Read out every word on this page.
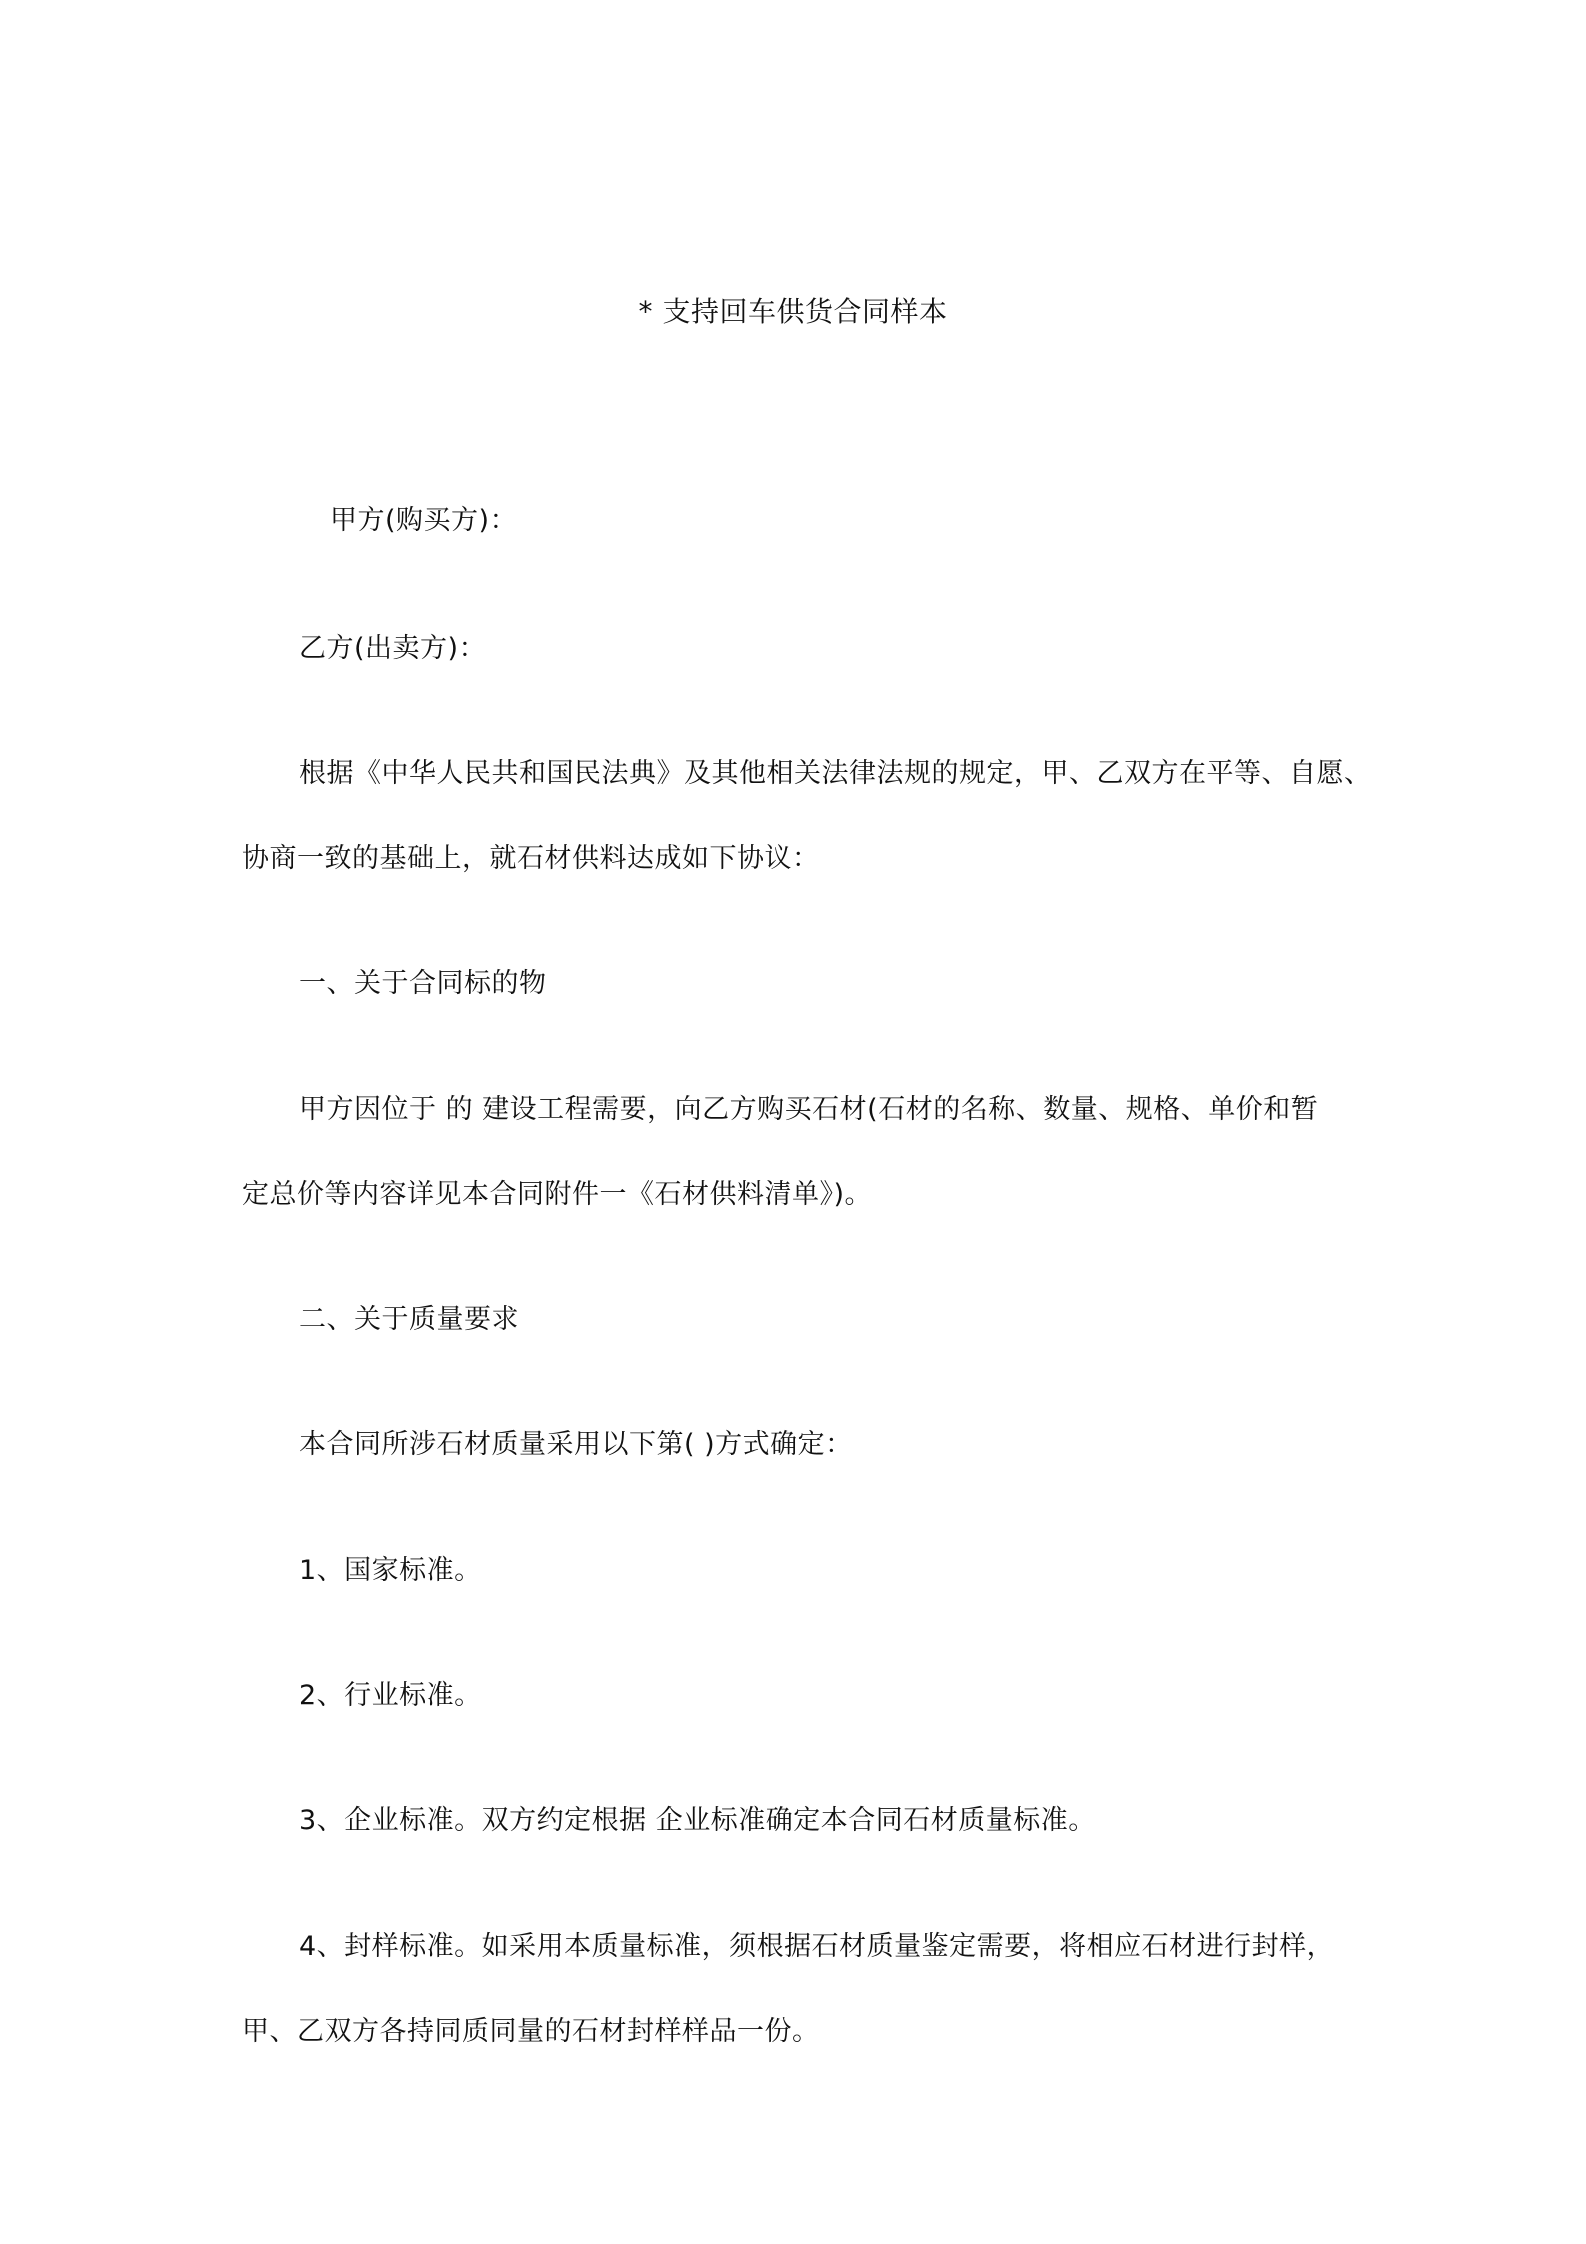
* 支持回车供货合同样本
甲方(购买方)：
乙方(出卖方)：
根据《中华人民共和国民法典》及其他相关法律法规的规定，甲、乙双方在平等、自愿、
协商一致的基础上，就石材供料达成如下协议：
一、关于合同标的物
甲方因位于 的 建设工程需要，向乙方购买石材(石材的名称、数量、规格、单价和暂
定总价等内容详见本合同附件一《石材供料清单》)。
二、关于质量要求
本合同所涉石材质量采用以下第( )方式确定：
1、国家标准。
2、行业标准。
3、企业标准。双方约定根据 企业标准确定本合同石材质量标准。
4、封样标准。如采用本质量标准，须根据石材质量鉴定需要，将相应石材进行封样，
甲、乙双方各持同质同量的石材封样样品一份。
